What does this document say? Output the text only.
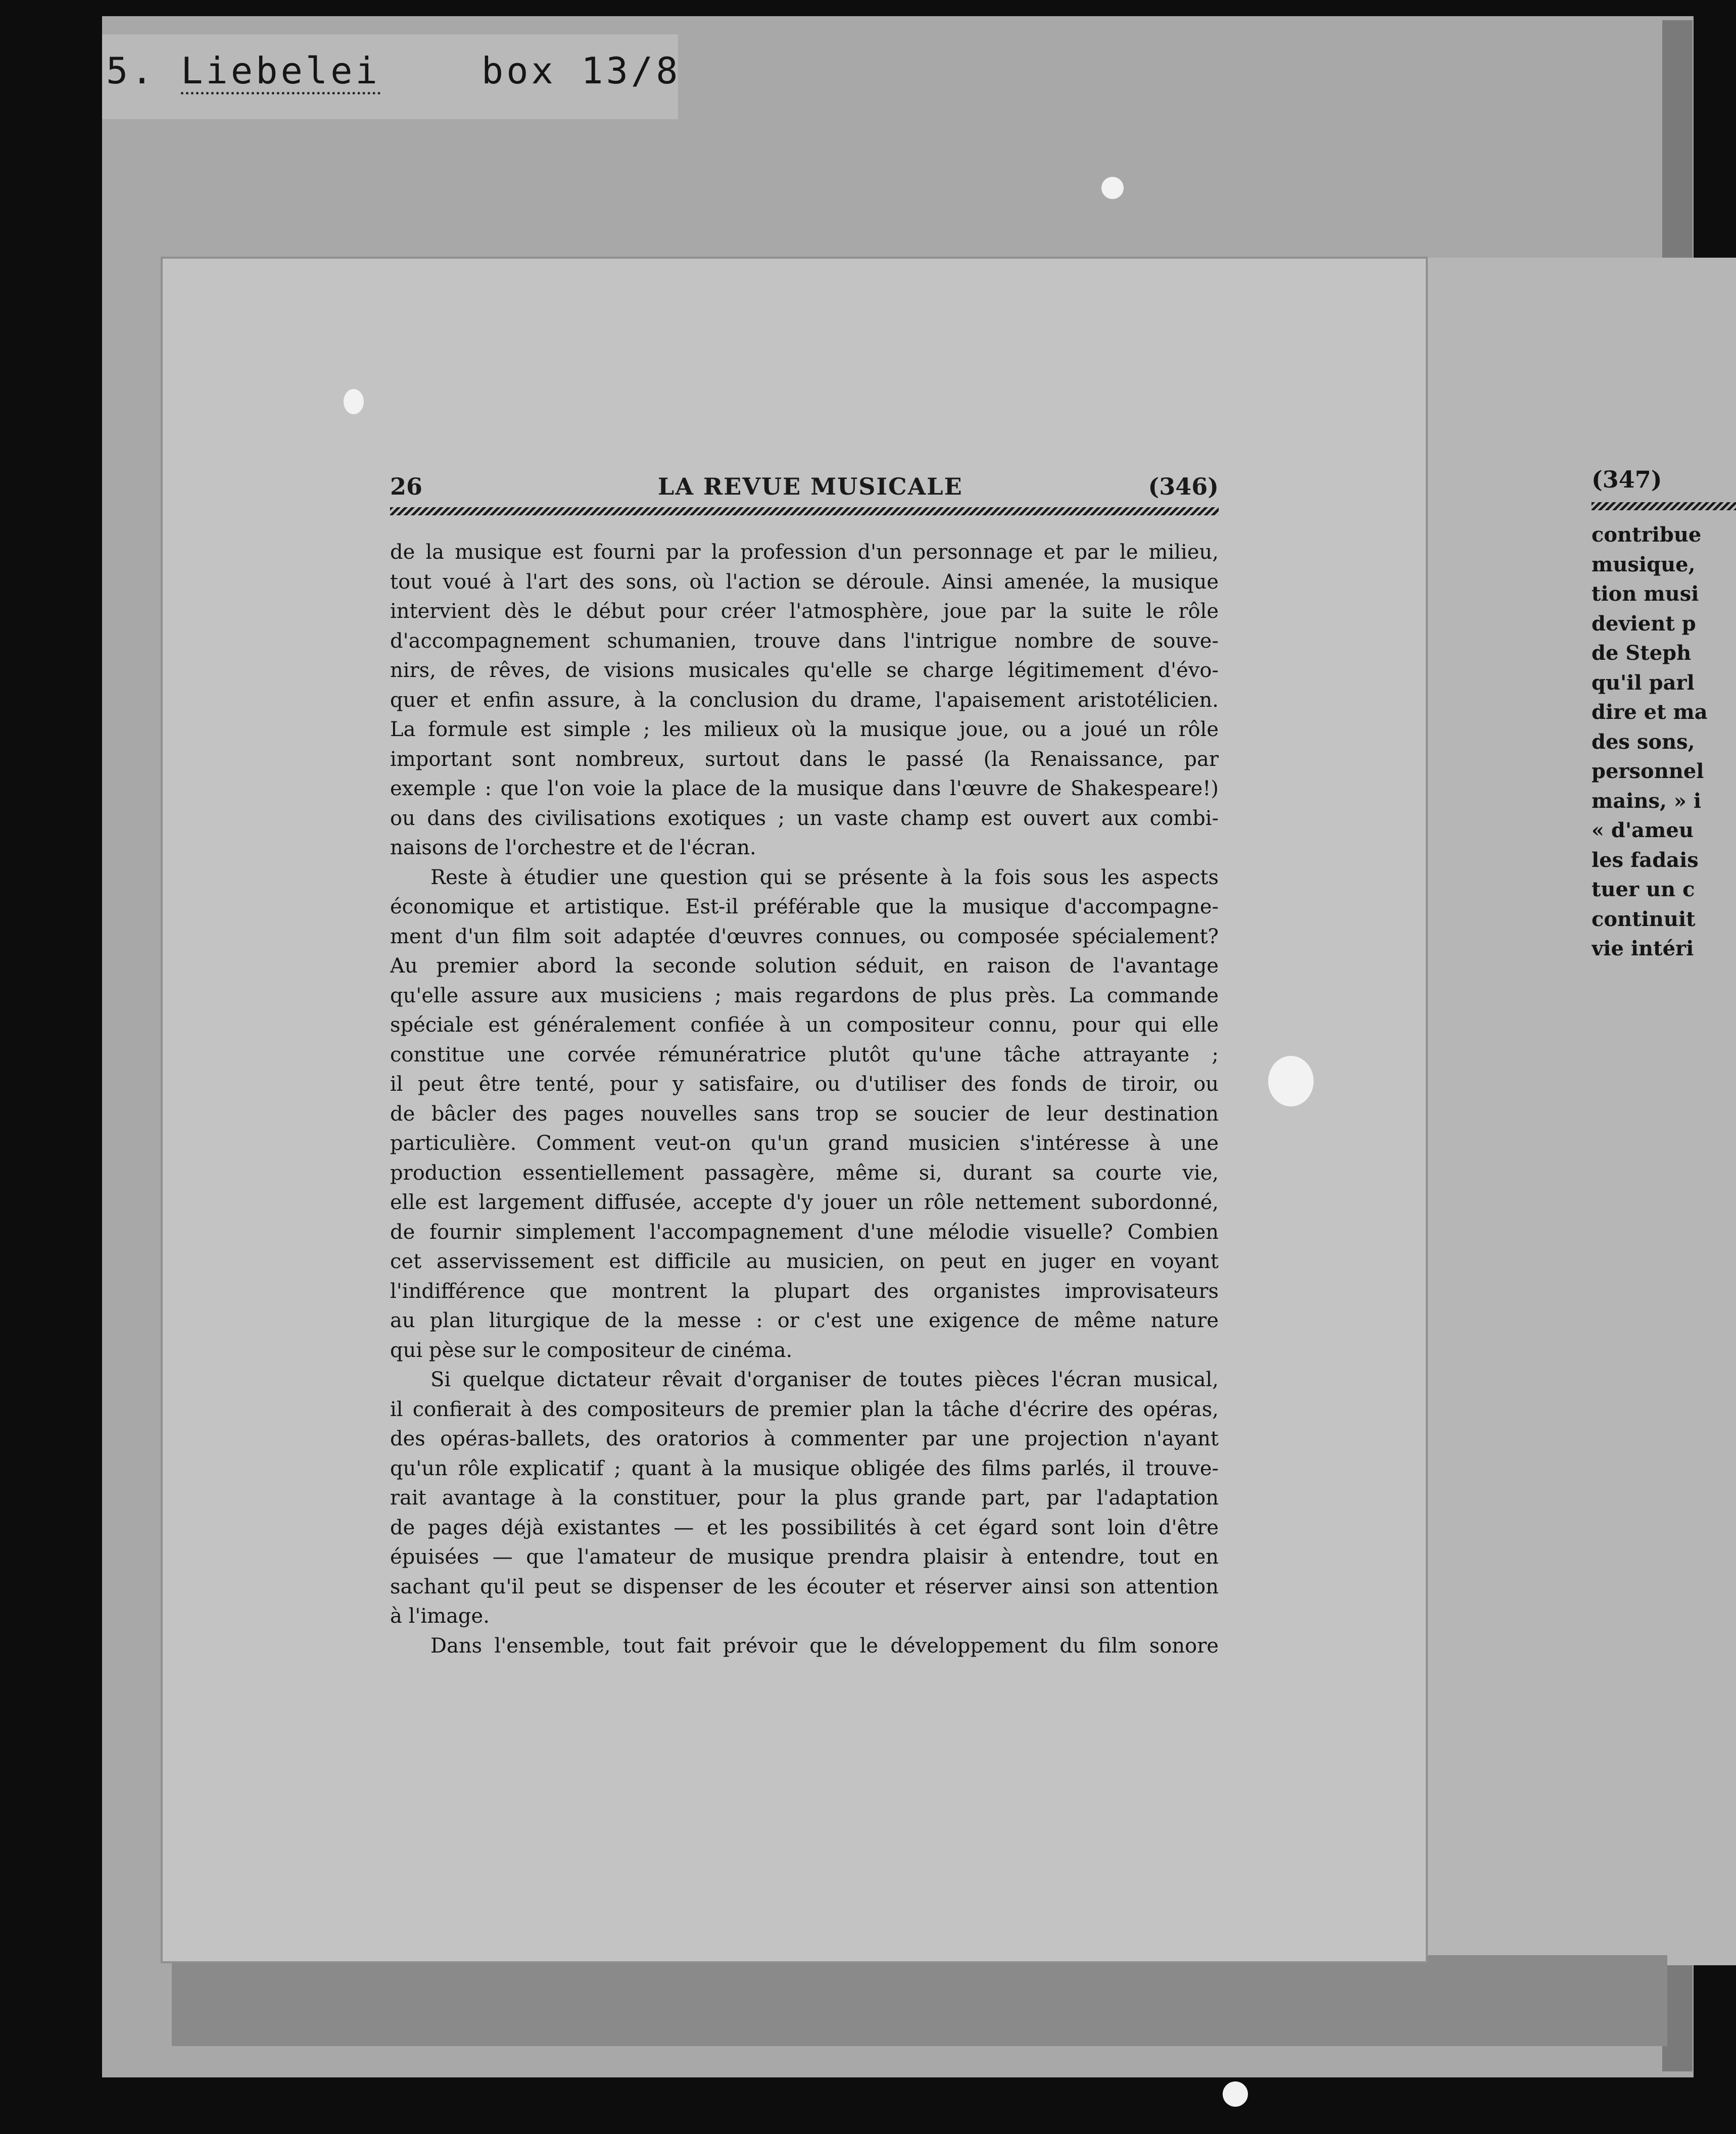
5. Liebelei	box 13/8
26	LA REVUE MUSICALE	(346)
de la musique est fourni par la profession d'un personnage et par le milieu,
tout voué à l'art des sons, où l'action se déroule. Ainsi amenée, la musique
intervient dès le début pour créer l'atmosphère, joue par la suite le rôle
d'accompagnement schumanien, trouve dans l'intrigue nombre de souve-
nirs, de rêves, de visions musicales qu'elle se charge légitimement d'évo-
quer et enfin assure, à la conclusion du drame, l'apaisement aristotélicien.
La formule est simple ; les milieux où la musique joue, ou a joué un rôle
important sont nombreux, surtout dans le passé (la Renaissance, par
exemple : que l'on voie la place de la musique dans l'œuvre de Shakespeare!)
ou dans des civilisations exotiques ; un vaste champ est ouvert aux combi-
naisons de l'orchestre et de l'écran.
Reste à étudier une question qui se présente à la fois sous les aspects
économique et artistique. Est-il préférable que la musique d'accompagne-
ment d'un film soit adaptée d'œuvres connues, ou composée spécialement?
Au premier abord la seconde solution séduit, en raison de l'avantage
qu'elle assure aux musiciens ; mais regardons de plus près. La commande
spéciale est généralement confiée à un compositeur connu, pour qui elle
constitue une corvée rémunératrice plutôt qu'une tâche attrayante ;
il peut être tenté, pour y satisfaire, ou d'utiliser des fonds de tiroir, ou
de bâcler des pages nouvelles sans trop se soucier de leur destination
particulière. Comment veut-on qu'un grand musicien s'intéresse à une
production essentiellement passagère, même si, durant sa courte vie,
elle est largement diffusée, accepte d'y jouer un rôle nettement subordonné,
de fournir simplement l'accompagnement d'une mélodie visuelle? Combien
cet asservissement est difficile au musicien, on peut en juger en voyant
l'indifférence que montrent la plupart des organistes improvisateurs
au plan liturgique de la messe : or c'est une exigence de même nature
qui pèse sur le compositeur de cinéma.
Si quelque dictateur rêvait d'organiser de toutes pièces l'écran musical,
il confierait à des compositeurs de premier plan la tâche d'écrire des opéras,
des opéras-ballets, des oratorios à commenter par une projection n'ayant
qu'un rôle explicatif ; quant à la musique obligée des films parlés, il trouve-
rait avantage à la constituer, pour la plus grande part, par l'adaptation
de pages déjà existantes — et les possibilités à cet égard sont loin d'être
épuisées — que l'amateur de musique prendra plaisir à entendre, tout en
sachant qu'il peut se dispenser de les écouter et réserver ainsi son attention
à l'image.
Dans l'ensemble, tout fait prévoir que le développement du film sonore
(347)
contribue
musique,
tion musi
devient p
de Steph
qu'il parl
dire et ma
des sons,
personnel
mains, » i
« d'ameu
les fadais
tuer un c
continuit
vie intéri
